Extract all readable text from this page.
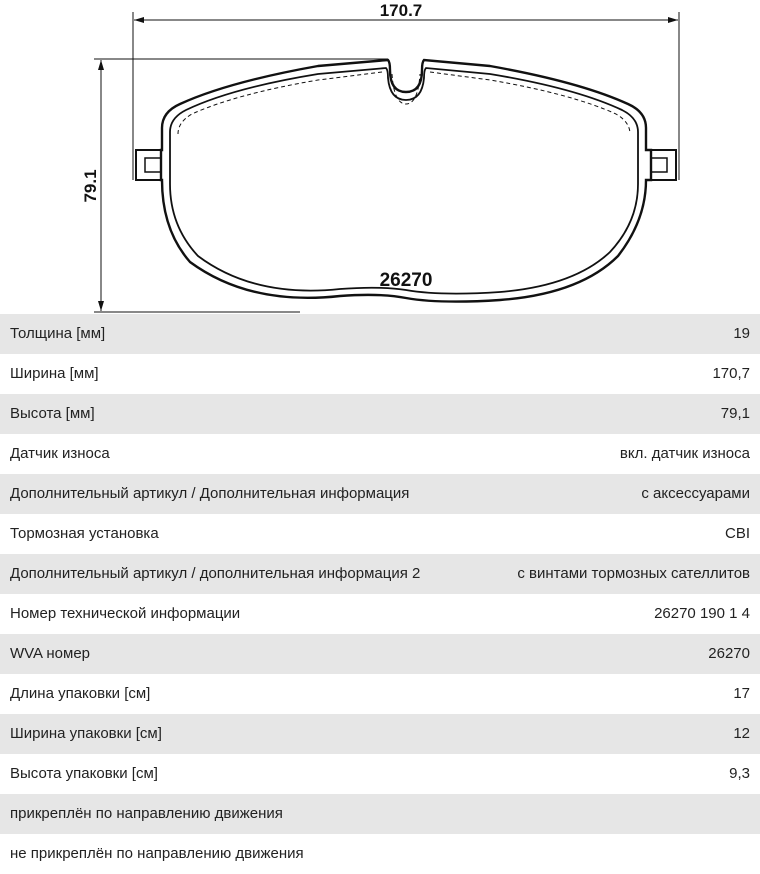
170.7
79.1
26270
Толщина [мм]	19
Ширина [мм]	170,7
Высота [мм]	79,1
Датчик износа	вкл. датчик износа
Дополнительный артикул / Дополнительная информация	с аксессуарами
Тормозная установка	CBI
Дополнительный артикул / дополнительная информация 2	с винтами тормозных сателлитов
Номер технической информации	26270 190 1 4
WVA номер	26270
Длина упаковки [см]	17
Ширина упаковки [см]	12
Высота упаковки [см]	9,3
прикреплён по направлению движения
не прикреплён по направлению движения
